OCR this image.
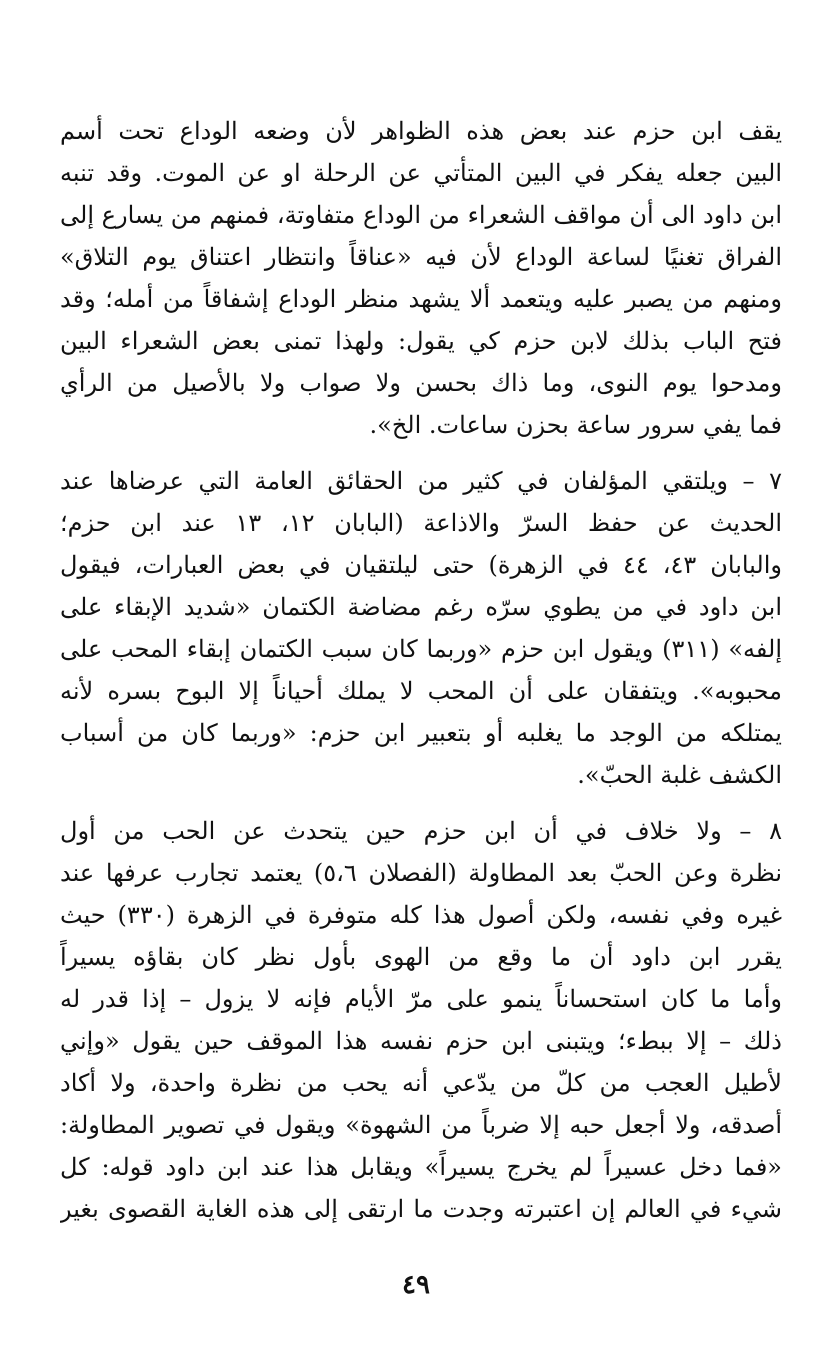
يقف ابن حزم عند بعض هذه الظواهر لأن وضعه الوداع تحت أسم
البين جعله يفكر في البين المتأتي عن الرحلة او عن الموت. وقد تنبه
ابن داود الى أن مواقف الشعراء من الوداع متفاوتة، فمنهم من يسارع إلى
الفراق تغنيًا لساعة الوداع لأن فيه «عناقاً وانتظار اعتناق يوم التلاق»
ومنهم من يصبر عليه ويتعمد ألا يشهد منظر الوداع إشفاقاً من أمله؛ وقد
فتح الباب بذلك لابن حزم كي يقول: ولهذا تمنى بعض الشعراء البين
ومدحوا يوم النوى، وما ذاك بحسن ولا صواب ولا بالأصيل من الرأي
فما يفي سرور ساعة بحزن ساعات. الخ».
٧ – ويلتقي المؤلفان في كثير من الحقائق العامة التي عرضاها عند
الحديث عن حفظ السرّ والاذاعة (البابان ١٢، ١٣ عند ابن حزم؛
والبابان ٤٣، ٤٤ في الزهرة) حتى ليلتقيان في بعض العبارات، فيقول
ابن داود في من يطوي سرّه رغم مضاضة الكتمان «شديد الإبقاء على
إلفه» (٣١١) ويقول ابن حزم «وربما كان سبب الكتمان إبقاء المحب على
محبوبه». ويتفقان على أن المحب لا يملك أحياناً إلا البوح بسره لأنه
يمتلكه من الوجد ما يغلبه أو بتعبير ابن حزم: «وربما كان من أسباب
الكشف غلبة الحبّ».
٨ – ولا خلاف في أن ابن حزم حين يتحدث عن الحب من أول
نظرة وعن الحبّ بعد المطاولة (الفصلان ٥،٦) يعتمد تجارب عرفها عند
غيره وفي نفسه، ولكن أصول هذا كله متوفرة في الزهرة (٣٣٠) حيث
يقرر ابن داود أن ما وقع من الهوى بأول نظر كان بقاؤه يسيراً
وأما ما كان استحساناً ينمو على مرّ الأيام فإنه لا يزول – إذا قدر له
ذلك – إلا ببطء؛ ويتبنى ابن حزم نفسه هذا الموقف حين يقول «وإني
لأطيل العجب من كلّ من يدّعي أنه يحب من نظرة واحدة، ولا أكاد
أصدقه، ولا أجعل حبه إلا ضرباً من الشهوة» ويقول في تصوير المطاولة:
«فما دخل عسيراً لم يخرج يسيراً» ويقابل هذا عند ابن داود قوله: كل
شيء في العالم إن اعتبرته وجدت ما ارتقى إلى هذه الغاية القصوى بغير
٤٩
